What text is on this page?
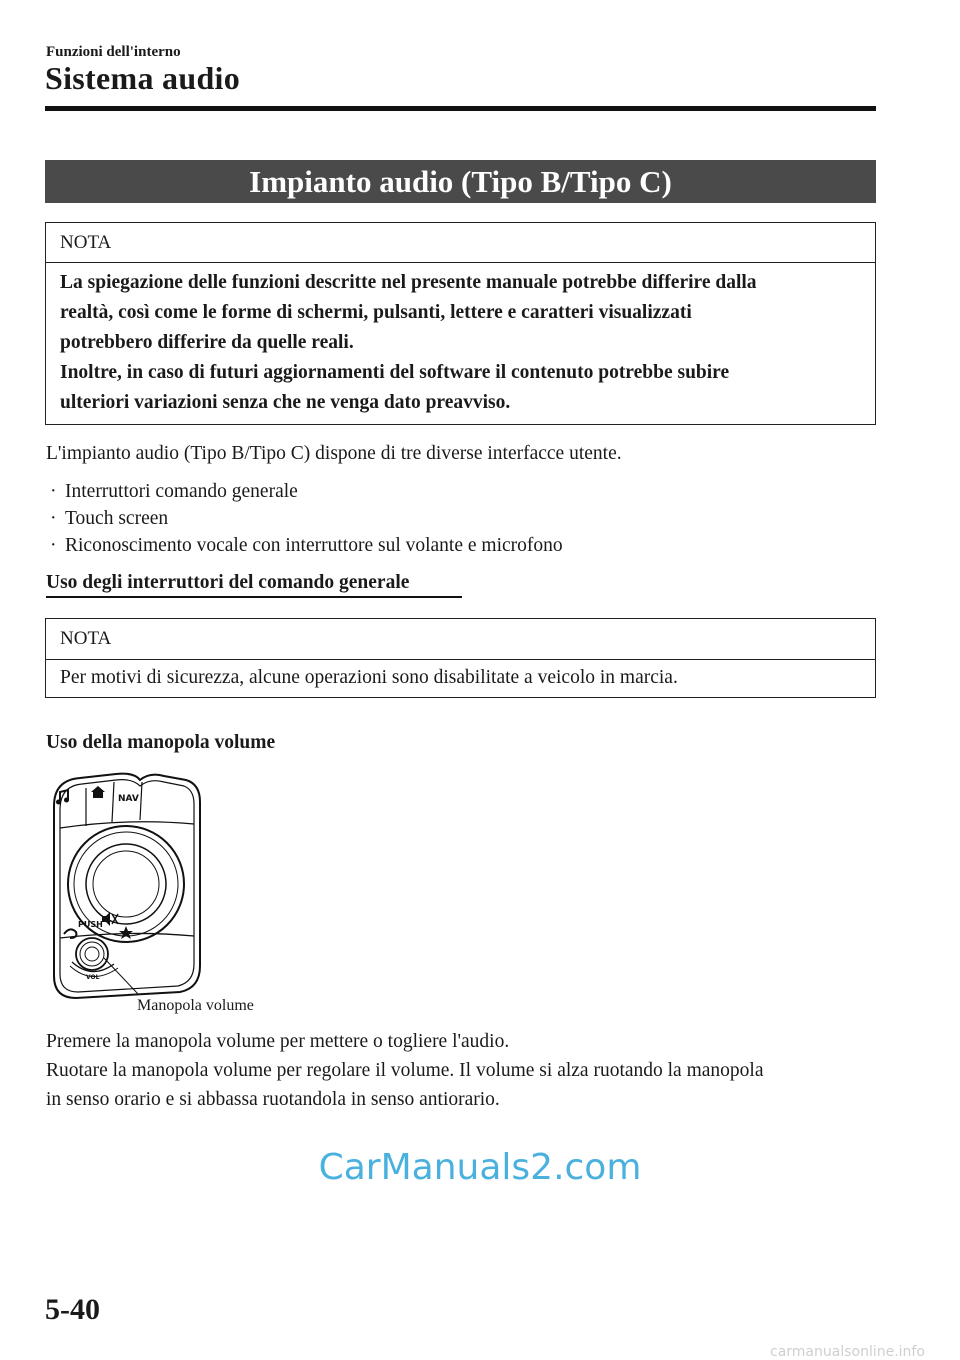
Funzioni dell'interno
Sistema audio
Impianto audio (Tipo B/Tipo C)
NOTA

La spiegazione delle funzioni descritte nel presente manuale potrebbe differire dalla

realtà, così come le forme di schermi, pulsanti, lettere e caratteri visualizzati

potrebbero differire da quelle reali.

Inoltre, in caso di futuri aggiornamenti del software il contenuto potrebbe subire

ulteriori variazioni senza che ne venga dato preavviso.

L'impianto audio (Tipo B/Tipo C) dispone di tre diverse interfacce utente.
· Interruttori comando generale
· Touch screen
· Riconoscimento vocale con interruttore sul volante e microfono
Uso degli interruttori del comando generale
NOTA
Per motivi di sicurezza, alcune operazioni sono disabilitate a veicolo in marcia.
Uso della manopola volume
NAV
PUSH
VOL
Manopola volume

Premere la manopola volume per mettere o togliere l'audio.

Ruotare la manopola volume per regolare il volume. Il volume si alza ruotando la manopola

in senso orario e si abbassa ruotandola in senso antiorario.

CarManuals2.com
5-40
carmanualsonline.info
